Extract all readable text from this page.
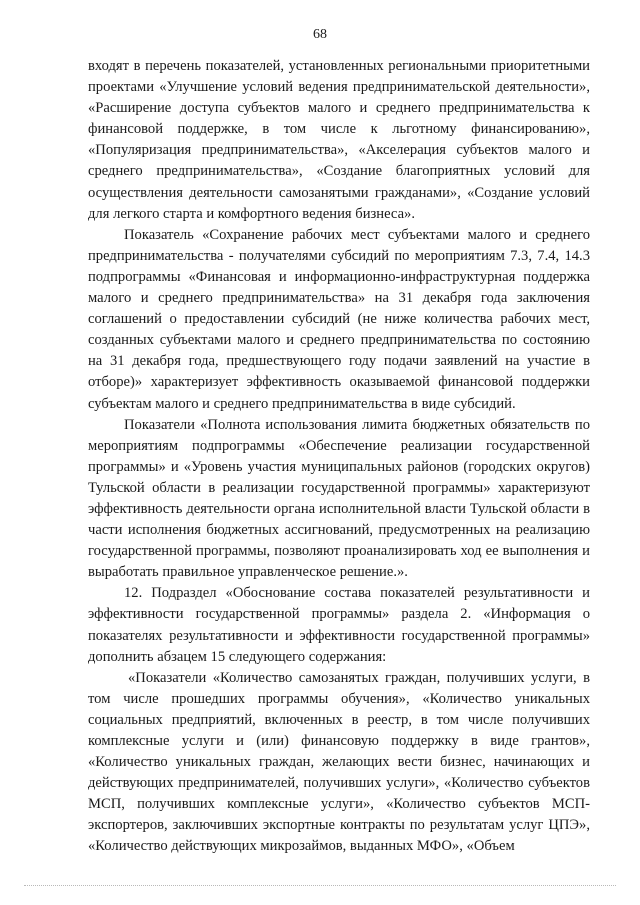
68

входят в перечень показателей, установленных региональными приоритетными проектами «Улучшение условий ведения предпринимательской деятельности», «Расширение доступа субъектов малого и среднего предпринимательства к финансовой поддержке, в том числе к льготному финансированию», «Популяризация предпринимательства», «Акселерация субъектов малого и среднего предпринимательства», «Создание благоприятных условий для осуществления деятельности самозанятыми гражданами», «Создание условий для легкого старта и комфортного ведения бизнеса».

Показатель «Сохранение рабочих мест субъектами малого и среднего предпринимательства - получателями субсидий по мероприятиям 7.3, 7.4, 14.3 подпрограммы «Финансовая и информационно-инфраструктурная поддержка малого и среднего предпринимательства» на 31 декабря года заключения соглашений о предоставлении субсидий (не ниже количества рабочих мест, созданных субъектами малого и среднего предпринимательства по состоянию на 31 декабря года, предшествующего году подачи заявлений на участие в отборе)» характеризует эффективность оказываемой финансовой поддержки субъектам малого и среднего предпринимательства в виде субсидий.

Показатели «Полнота использования лимита бюджетных обязательств по мероприятиям подпрограммы «Обеспечение реализации государственной программы» и «Уровень участия муниципальных районов (городских округов) Тульской области в реализации государственной программы» характеризуют эффективность деятельности органа исполнительной власти Тульской области в части исполнения бюджетных ассигнований, предусмотренных на реализацию государственной программы, позволяют проанализировать ход ее выполнения и выработать правильное управленческое решение.».

12. Подраздел «Обоснование состава показателей результативности и эффективности государственной программы» раздела 2. «Информация о показателях результативности и эффективности государственной программы» дополнить абзацем 15 следующего содержания:

«Показатели «Количество самозанятых граждан, получивших услуги, в том числе прошедших программы обучения», «Количество уникальных социальных предприятий, включенных в реестр, в том числе получивших комплексные услуги и (или) финансовую поддержку в виде грантов», «Количество уникальных граждан, желающих вести бизнес, начинающих и действующих предпринимателей, получивших услуги», «Количество субъектов МСП, получивших комплексные услуги», «Количество субъектов МСП-экспортеров, заключивших экспортные контракты по результатам услуг ЦПЭ», «Количество действующих микрозаймов, выданных МФО», «Объем
